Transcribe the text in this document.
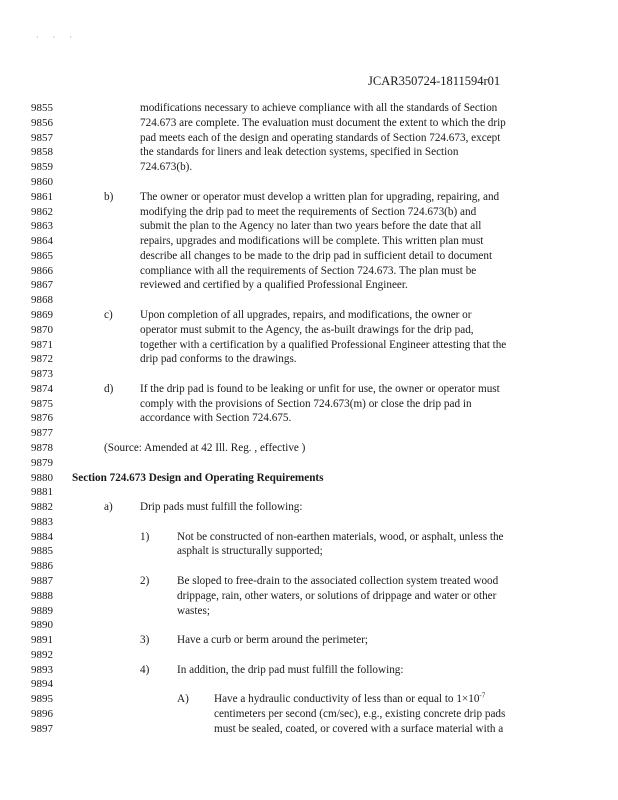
· · ·
JCAR350724-1811594r01
9855	modifications necessary to achieve compliance with all the standards of Section
9856	724.673 are complete. The evaluation must document the extent to which the drip
9857	pad meets each of the design and operating standards of Section 724.673, except
9858	the standards for liners and leak detection systems, specified in Section
9859	724.673(b).
9860
9861	b) The owner or operator must develop a written plan for upgrading, repairing, and
9862	modifying the drip pad to meet the requirements of Section 724.673(b) and
9863	submit the plan to the Agency no later than two years before the date that all
9864	repairs, upgrades and modifications will be complete. This written plan must
9865	describe all changes to be made to the drip pad in sufficient detail to document
9866	compliance with all the requirements of Section 724.673. The plan must be
9867	reviewed and certified by a qualified Professional Engineer.
9868
9869	c) Upon completion of all upgrades, repairs, and modifications, the owner or
9870	operator must submit to the Agency, the as-built drawings for the drip pad,
9871	together with a certification by a qualified Professional Engineer attesting that the
9872	drip pad conforms to the drawings.
9873
9874	d) If the drip pad is found to be leaking or unfit for use, the owner or operator must
9875	comply with the provisions of Section 724.673(m) or close the drip pad in
9876	accordance with Section 724.675.
9877
9878	(Source: Amended at 42 Ill. Reg. , effective )
9879
9880	Section 724.673 Design and Operating Requirements
9881
9882	a) Drip pads must fulfill the following:
9883
9884	1) Not be constructed of non-earthen materials, wood, or asphalt, unless the
9885	asphalt is structurally supported;
9886
9887	2) Be sloped to free-drain to the associated collection system treated wood
9888	drippage, rain, other waters, or solutions of drippage and water or other
9889	wastes;
9890
9891	3) Have a curb or berm around the perimeter;
9892
9893	4) In addition, the drip pad must fulfill the following:
9894
9895	A) Have a hydraulic conductivity of less than or equal to $1\times 10^{-7}$
9896	centimeters per second (cm/sec), e.g., existing concrete drip pads
9897	must be sealed, coated, or covered with a surface material with a
